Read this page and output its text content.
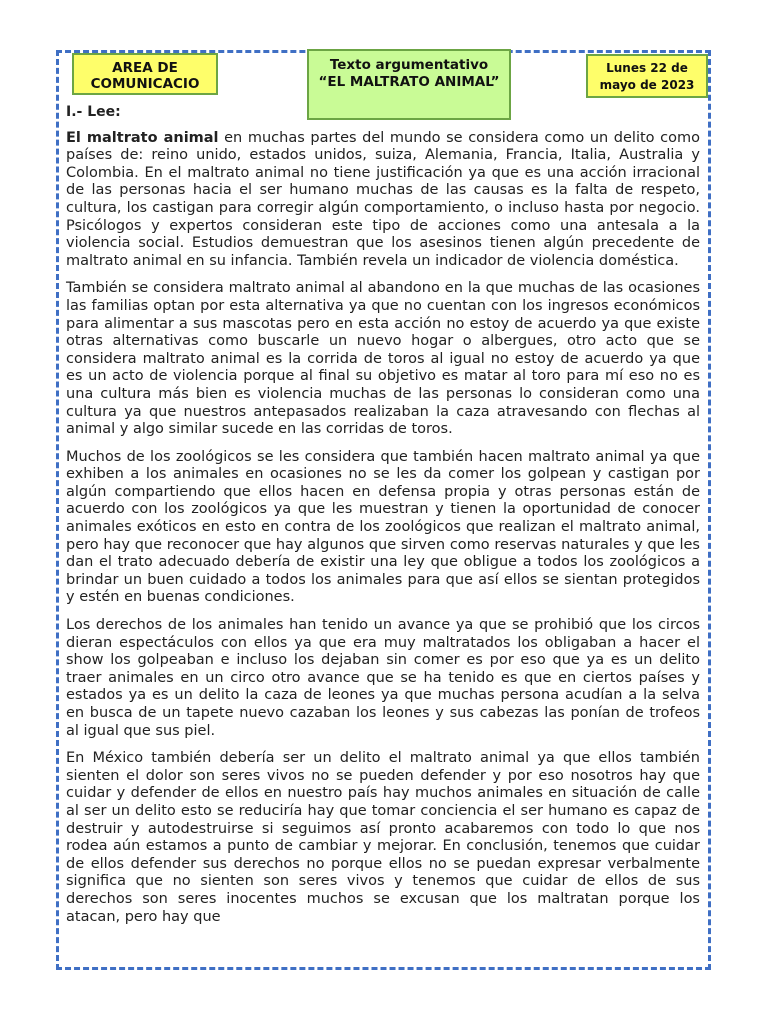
AREA DE COMUNICACIO
Texto argumentativo “EL MALTRATO ANIMAL”
Lunes 22 de mayo de 2023
I.- Lee:

El maltrato animal en muchas partes del mundo se considera como un delito como países de: reino unido, estados unidos, suiza, Alemania, Francia, Italia, Australia y Colombia. En el maltrato animal no tiene justificación ya que es una acción irracional de las personas hacia el ser humano muchas de las causas es la falta de respeto, cultura, los castigan para corregir algún comportamiento, o incluso hasta por negocio. Psicólogos y expertos consideran este tipo de acciones como una antesala a la violencia social. Estudios demuestran que los asesinos tienen algún precedente de maltrato animal en su infancia. También revela un indicador de violencia doméstica.

También se considera maltrato animal al abandono en la que muchas de las ocasiones las familias optan por esta alternativa ya que no cuentan con los ingresos económicos para alimentar a sus mascotas pero en esta acción no estoy de acuerdo ya que existe otras alternativas como buscarle un nuevo hogar o albergues, otro acto que se considera maltrato animal es la corrida de toros al igual no estoy de acuerdo ya que es un acto de violencia porque al final su objetivo es matar al toro para mí eso no es una cultura más bien es violencia muchas de las personas lo consideran como una cultura ya que nuestros antepasados realizaban la caza atravesando con flechas al animal y algo similar sucede en las corridas de toros.

Muchos de los zoológicos se les considera que también hacen maltrato animal ya que exhiben a los animales en ocasiones no se les da comer los golpean y castigan por algún compartiendo que ellos hacen en defensa propia y otras personas están de acuerdo con los zoológicos ya que les muestran y tienen la oportunidad de conocer animales exóticos en esto en contra de los zoológicos que realizan el maltrato animal, pero hay que reconocer que hay algunos que sirven como reservas naturales y que les dan el trato adecuado debería de existir una ley que obligue a todos los zoológicos a brindar un buen cuidado a todos los animales para que así ellos se sientan protegidos y estén en buenas condiciones.

Los derechos de los animales han tenido un avance ya que se prohibió que los circos dieran espectáculos con ellos ya que era muy maltratados los obligaban a hacer el show los golpeaban e incluso los dejaban sin comer es por eso que ya es un delito traer animales en un circo otro avance que se ha tenido es que en ciertos países y estados ya es un delito la caza de leones ya que muchas persona acudían a la selva en busca de un tapete nuevo cazaban los leones y sus cabezas las ponían de trofeos al igual que sus piel.

En México también debería ser un delito el maltrato animal ya que ellos también sienten el dolor son seres vivos no se pueden defender y por eso nosotros hay que cuidar y defender de ellos en nuestro país hay muchos animales en situación de calle al ser un delito esto se reduciría hay que tomar conciencia el ser humano es capaz de destruir y autodestruirse si seguimos así pronto acabaremos con todo lo que nos rodea aún estamos a punto de cambiar y mejorar. En conclusión, tenemos que cuidar de ellos defender sus derechos no porque ellos no se puedan expresar verbalmente significa que no sienten son seres vivos y tenemos que cuidar de ellos de sus derechos son seres inocentes muchos se excusan que los maltratan porque los atacan, pero hay que
